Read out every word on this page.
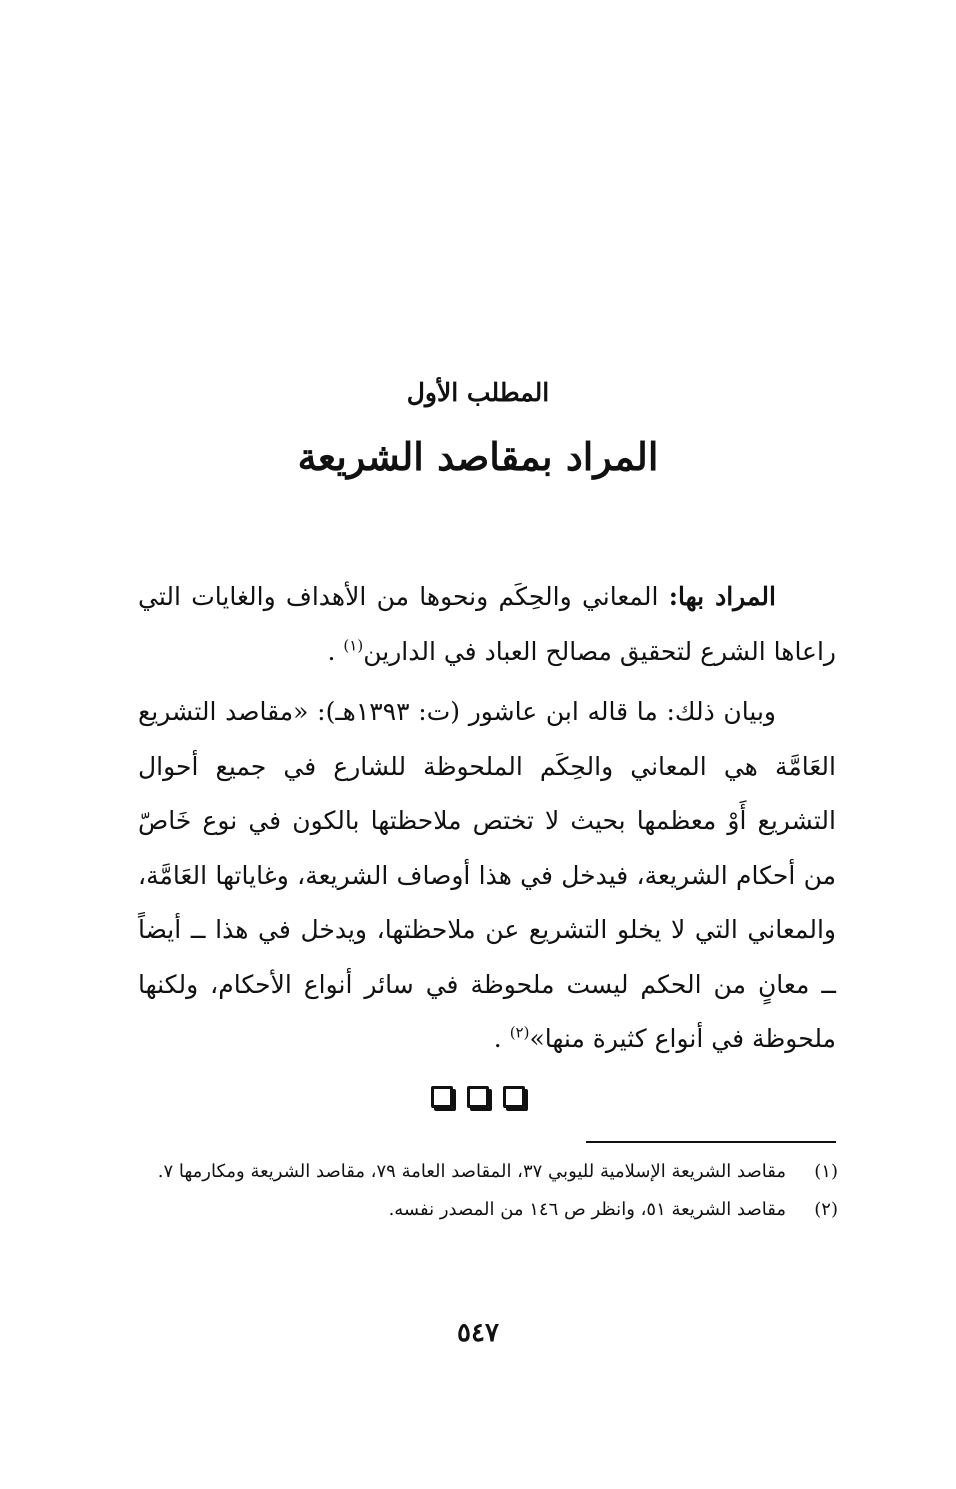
المطلب الأول
المراد بمقاصد الشريعة

المراد بها: المعاني والحِكَم ونحوها من الأهداف والغايات التي راعاها الشرع لتحقيق مصالح العباد في الدارين$^{(١)}$ .

وبيان ذلك: ما قاله ابن عاشور (ت: ١٣٩٣هـ): «مقاصد التشريع العَامَّة هي المعاني والحِكَم الملحوظة للشارع في جميع أحوال التشريع أَوْ معظمها بحيث لا تختص ملاحظتها بالكون في نوع خَاصّ من أحكام الشريعة، فيدخل في هذا أوصاف الشريعة، وغاياتها العَامَّة، والمعاني التي لا يخلو التشريع عن ملاحظتها، ويدخل في هذا ــ أيضاً ــ معانٍ من الحكم ليست ملحوظة في سائر أنواع الأحكام، ولكنها ملحوظة في أنواع كثيرة منها»$^{(٢)}$ .

(١)مقاصد الشريعة الإسلامية لليوبي ٣٧، المقاصد العامة ٧٩، مقاصد الشريعة ومكارمها ٧.

(٢)مقاصد الشريعة ٥١، وانظر ص ١٤٦ من المصدر نفسه.

٥٤٧
